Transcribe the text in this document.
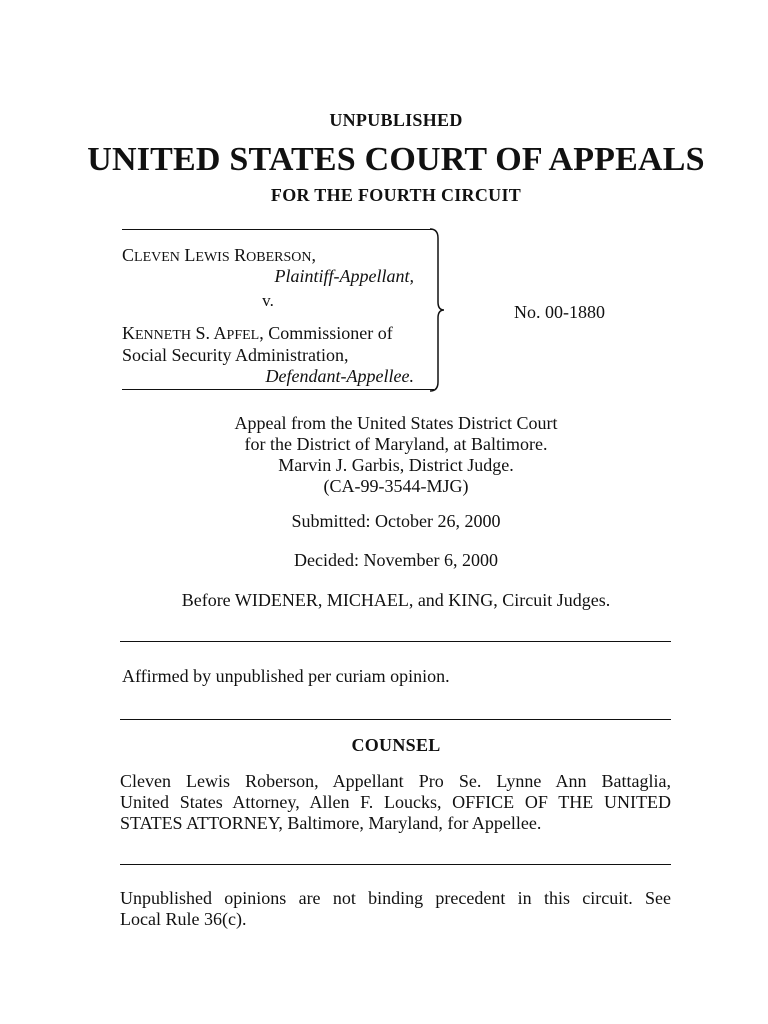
UNPUBLISHED
UNITED STATES COURT OF APPEALS
FOR THE FOURTH CIRCUIT
CLEVEN LEWIS ROBERSON,
Plaintiff-Appellant,
v.
KENNETH S. APFEL, Commissioner of
Social Security Administration,
Defendant-Appellee.
No. 00-1880
Appeal from the United States District Court
for the District of Maryland, at Baltimore.
Marvin J. Garbis, District Judge.
(CA-99-3544-MJG)
Submitted: October 26, 2000
Decided: November 6, 2000
Before WIDENER, MICHAEL, and KING, Circuit Judges.
Affirmed by unpublished per curiam opinion.
COUNSEL
Cleven Lewis Roberson, Appellant Pro Se. Lynne Ann Battaglia,
United States Attorney, Allen F. Loucks, OFFICE OF THE UNITED
STATES ATTORNEY, Baltimore, Maryland, for Appellee.
Unpublished opinions are not binding precedent in this circuit. See
Local Rule 36(c).
